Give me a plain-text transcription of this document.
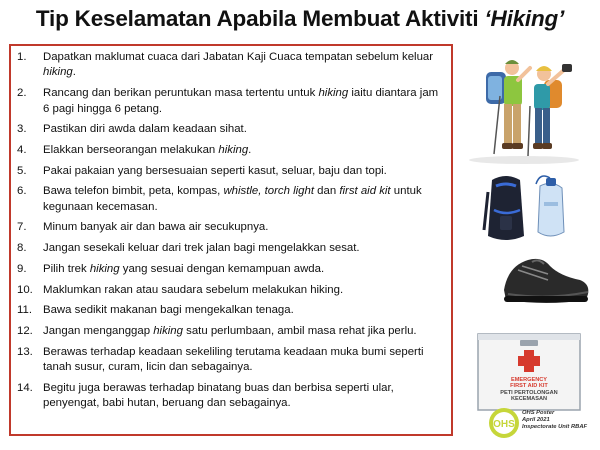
Tip Keselamatan Apabila Membuat Aktiviti ‘Hiking’
1.	Dapatkan maklumat cuaca dari Jabatan Kaji Cuaca tempatan sebelum keluar hiking.
2.	Rancang dan berikan peruntukan masa tertentu untuk hiking iaitu diantara jam 6 pagi hingga 6 petang.
3.	Pastikan diri awda dalam keadaan sihat.
4.	Elakkan berseorangan melakukan hiking.
5.	Pakai pakaian yang bersesuaian seperti kasut, seluar, baju dan topi.
6.	Bawa telefon bimbit, peta, kompas, whistle, torch light dan first aid kit untuk kegunaan kecemasan.
7.	Minum banyak air dan bawa air secukupnya.
8.	Jangan sesekali keluar dari trek jalan bagi mengelakkan sesat.
9.	Pilih trek hiking yang sesuai dengan kemampuan awda.
10. Maklumkan rakan atau saudara sebelum melakukan hiking.
11. Bawa sedikit makanan bagi mengekalkan tenaga.
12. Jangan menganggap hiking satu perlumbaan, ambil masa rehat jika perlu.
13. Berawas terhadap keadaan sekeliling terutama keadaan muka bumi seperti tanah susur, curam, licin dan sebagainya.
14. Begitu juga berawas terhadap binatang buas dan berbisa seperti ular, penyengat, babi hutan, beruang dan sebagainya.
EMERGENCY
FIRST AID KIT
PETI PERTOLONGAN
KECEMASAN
OHS
OHS Poster
April 2021
Inspectorate Unit RBAF
